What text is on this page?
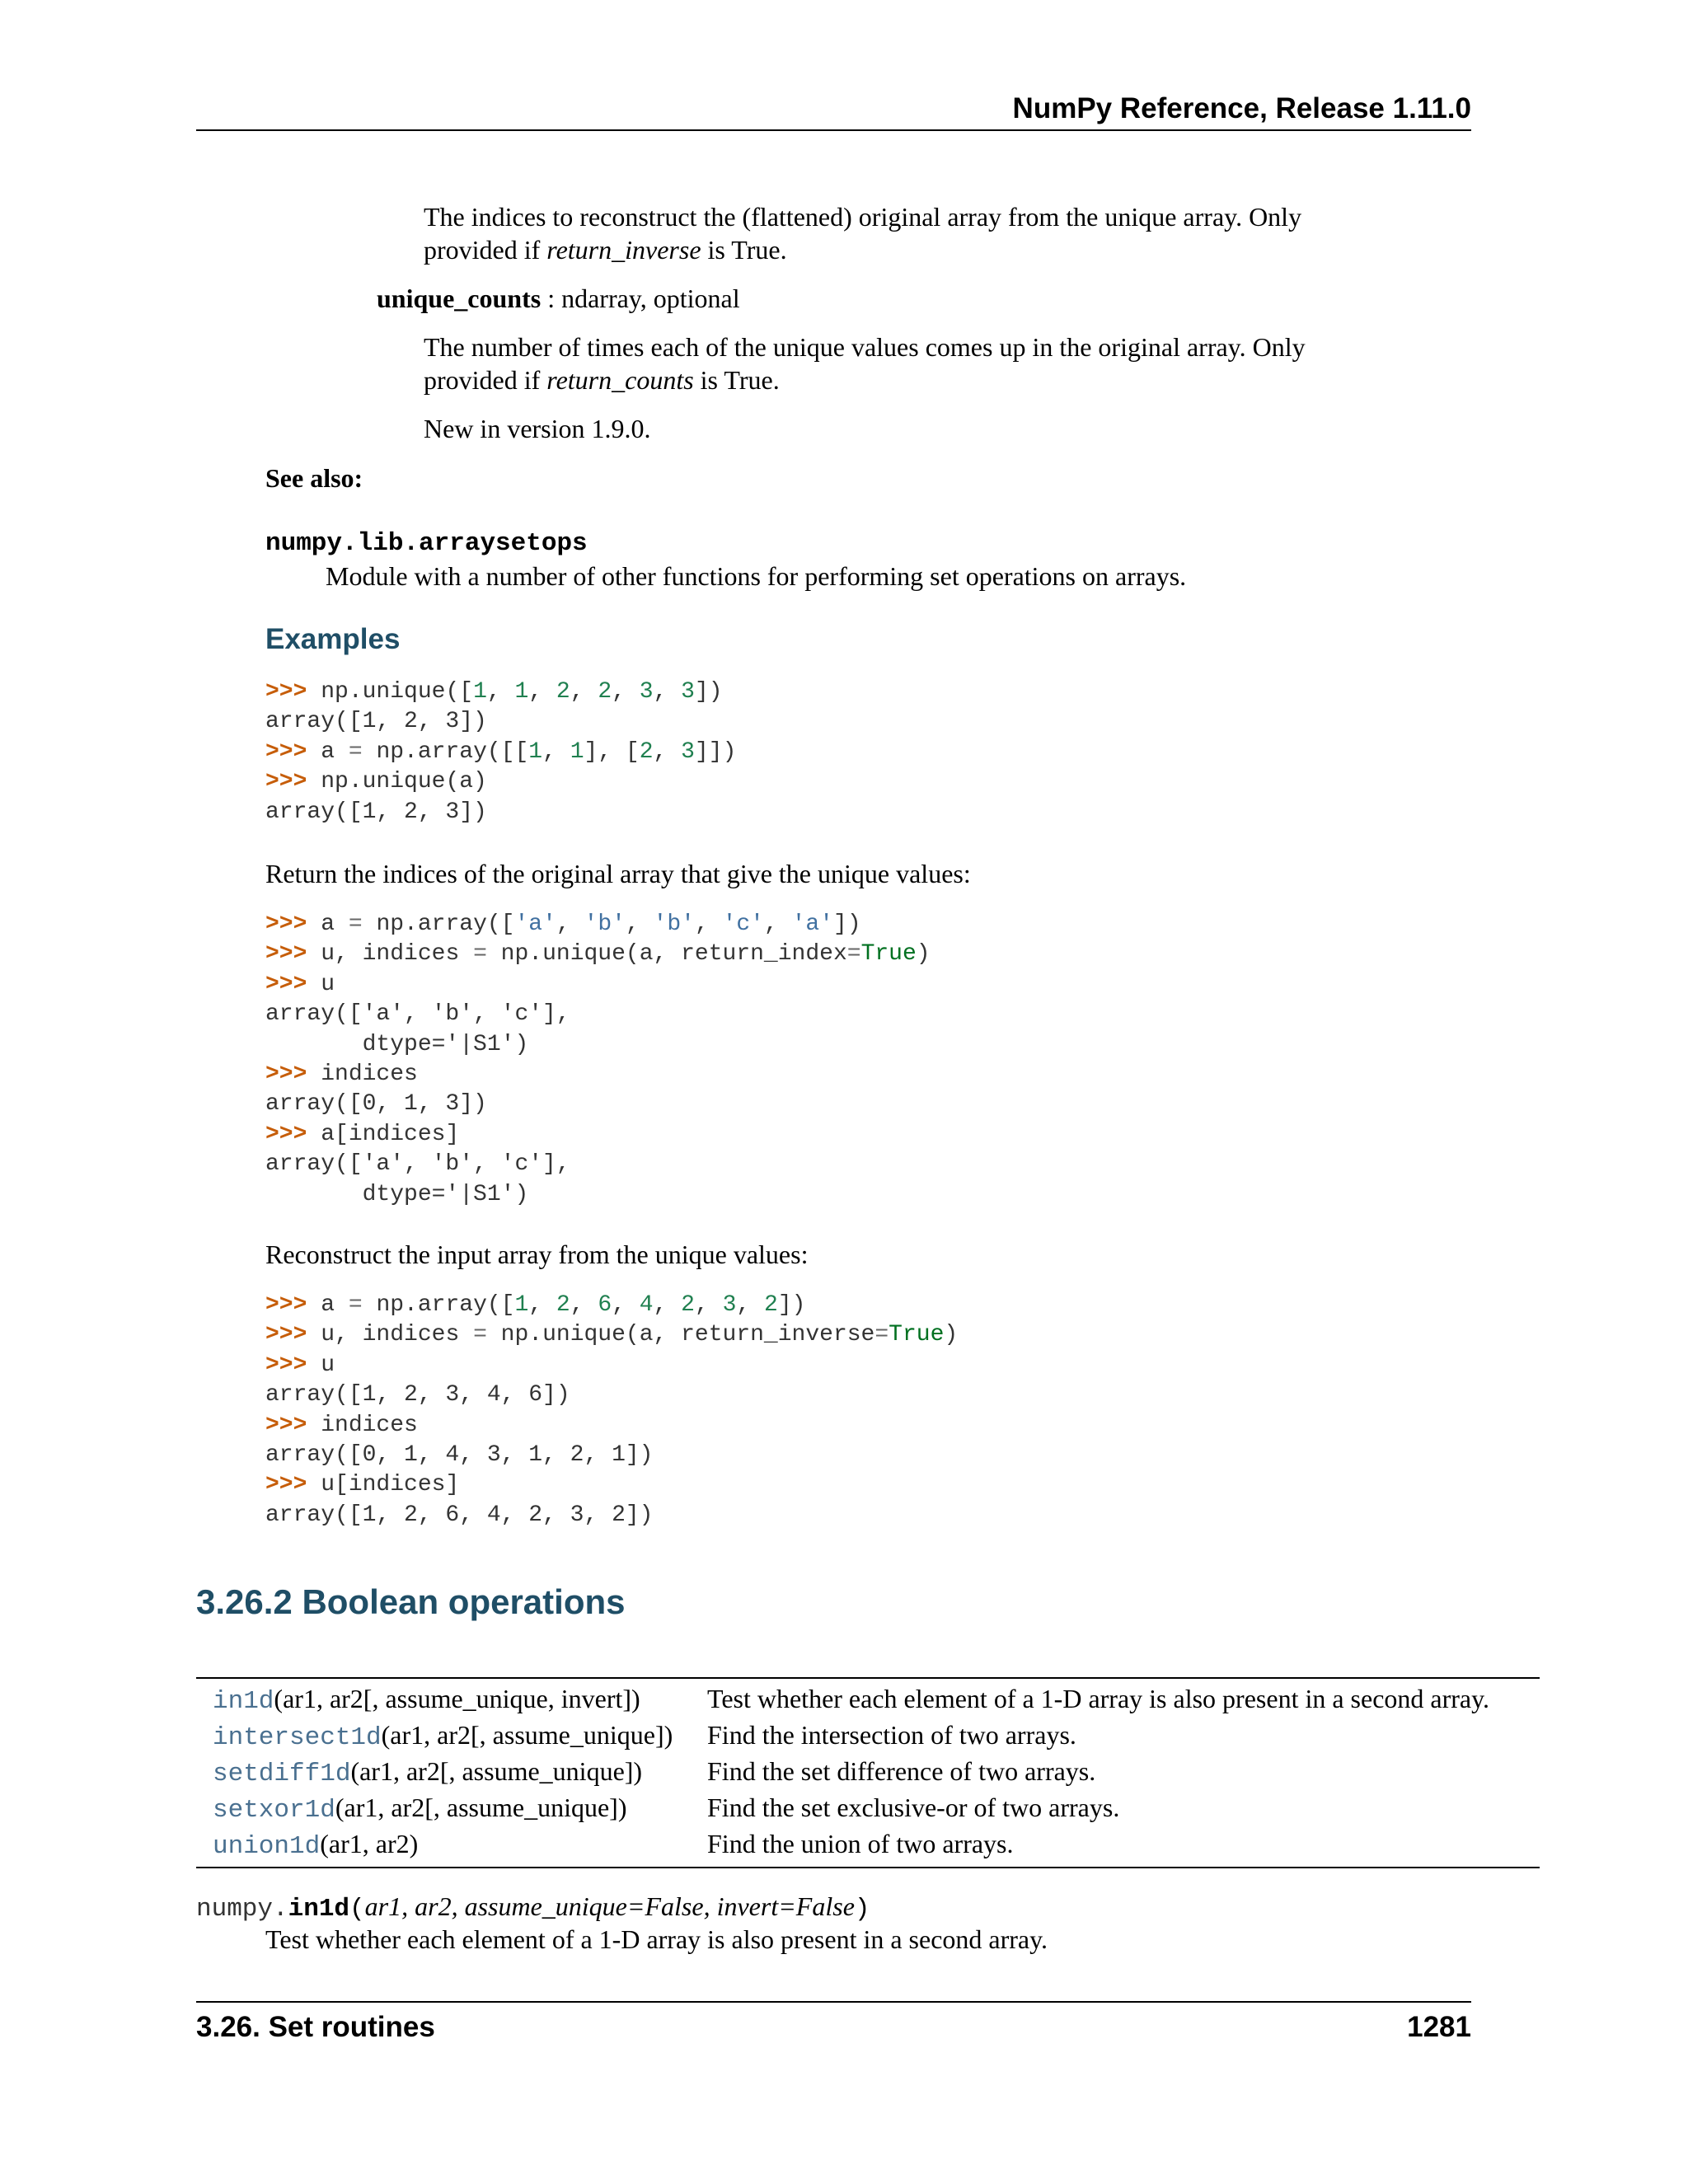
NumPy Reference, Release 1.11.0
The indices to reconstruct the (flattened) original array from the unique array. Only
provided if return_inverse is True.
unique_counts : ndarray, optional
The number of times each of the unique values comes up in the original array. Only
provided if return_counts is True.
New in version 1.9.0.
See also:
numpy.lib.arraysetops
Module with a number of other functions for performing set operations on arrays.
Examples
>>> np.unique([1, 1, 2, 2, 3, 3])
array([1, 2, 3])
>>> a = np.array([[1, 1], [2, 3]])
>>> np.unique(a)
array([1, 2, 3])
Return the indices of the original array that give the unique values:
>>> a = np.array(['a', 'b', 'b', 'c', 'a'])
>>> u, indices = np.unique(a, return_index=True)
>>> u
array(['a', 'b', 'c'],
dtype='|S1')
>>> indices
array([0, 1, 3])
>>> a[indices]
array(['a', 'b', 'c'],
dtype='|S1')
Reconstruct the input array from the unique values:
>>> a = np.array([1, 2, 6, 4, 2, 3, 2])
>>> u, indices = np.unique(a, return_inverse=True)
>>> u
array([1, 2, 3, 4, 6])
>>> indices
array([0, 1, 4, 3, 1, 2, 1])
>>> u[indices]
array([1, 2, 6, 4, 2, 3, 2])
3.26.2 Boolean operations
in1d(ar1, ar2[, assume_unique, invert])	Test whether each element of a 1-D array is also present in a second array.
intersect1d(ar1, ar2[, assume_unique])	Find the intersection of two arrays.
setdiff1d(ar1, ar2[, assume_unique])	Find the set difference of two arrays.
setxor1d(ar1, ar2[, assume_unique])	Find the set exclusive-or of two arrays.
union1d(ar1, ar2)	Find the union of two arrays.
numpy.in1d(ar1, ar2, assume_unique=False, invert=False)
Test whether each element of a 1-D array is also present in a second array.
3.26. Set routines	1281
